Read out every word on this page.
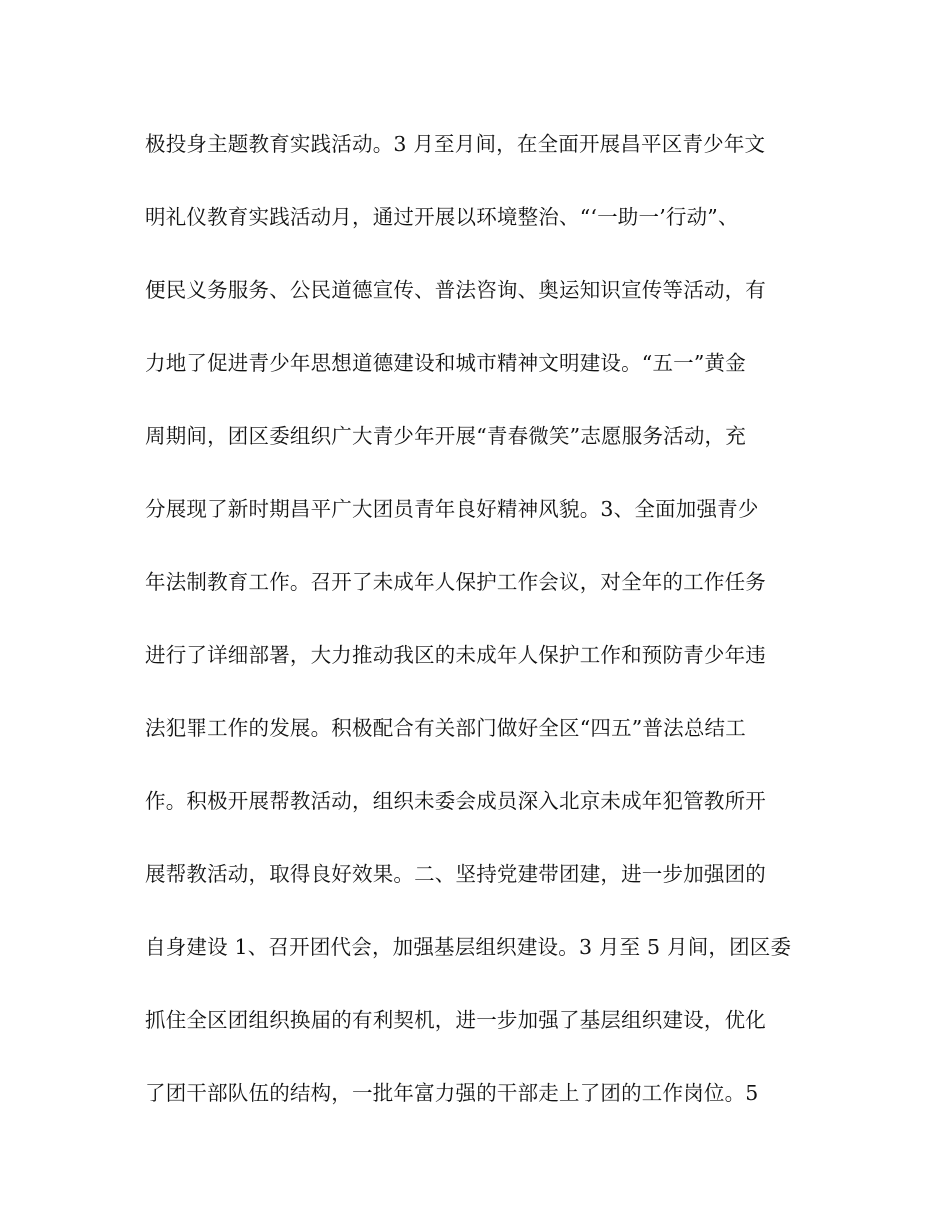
极投身主题教育实践活动。3 月至月间，在全面开展昌平区青少年文
明礼仪教育实践活动月，通过开展以环境整治、“‘一助一’行动”、
便民义务服务、公民道德宣传、普法咨询、奥运知识宣传等活动，有
力地了促进青少年思想道德建设和城市精神文明建设。“五一”黄金
周期间，团区委组织广大青少年开展“青春微笑”志愿服务活动，充
分展现了新时期昌平广大团员青年良好精神风貌。3、全面加强青少
年法制教育工作。召开了未成年人保护工作会议，对全年的工作任务
进行了详细部署，大力推动我区的未成年人保护工作和预防青少年违
法犯罪工作的发展。积极配合有关部门做好全区“四五”普法总结工
作。积极开展帮教活动，组织未委会成员深入北京未成年犯管教所开
展帮教活动，取得良好效果。二、坚持党建带团建，进一步加强团的
自身建设 1、召开团代会，加强基层组织建设。3 月至 5 月间，团区委
抓住全区团组织换届的有利契机，进一步加强了基层组织建设，优化
了团干部队伍的结构，一批年富力强的干部走上了团的工作岗位。5
